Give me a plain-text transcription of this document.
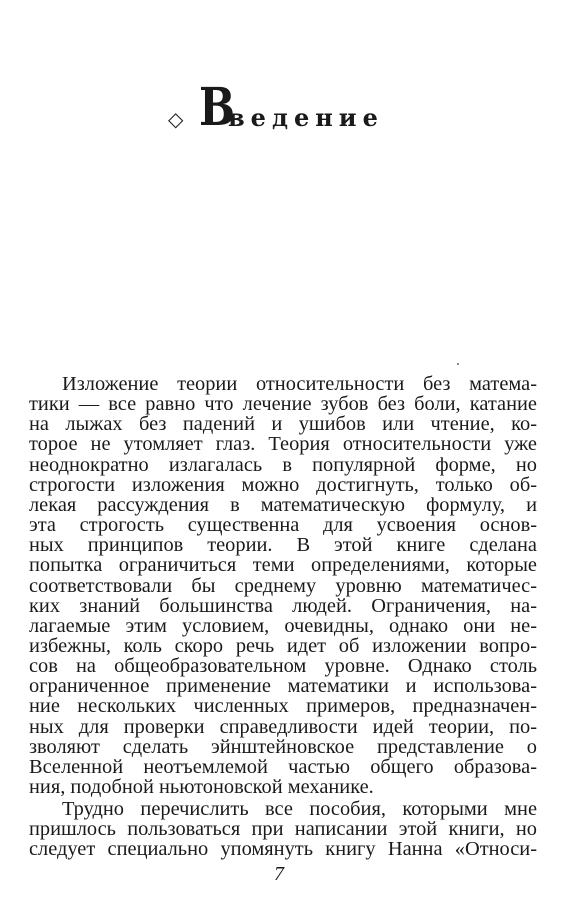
◇ В
ведение
Изложение теории относительности без матема-
тики — все равно что лечение зубов без боли, катание
на лыжах без падений и ушибов или чтение, ко-
торое не утомляет глаз. Теория относительности уже
неоднократно излагалась в популярной форме, но
строгости изложения можно достигнуть, только об-
лекая рассуждения в математическую формулу, и
эта строгость существенна для усвоения основ-
ных принципов теории. В этой книге сделана
попытка ограничиться теми определениями, которые
соответствовали бы среднему уровню математичес-
ких знаний большинства людей. Ограничения, на-
лагаемые этим условием, очевидны, однако они не-
избежны, коль скоро речь идет об изложении вопро-
сов на общеобразовательном уровне. Однако столь
ограниченное применение математики и использова-
ние нескольких численных примеров, предназначен-
ных для проверки справедливости идей теории, по-
зволяют сделать эйнштейновское представление о
Вселенной неотъемлемой частью общего образова-
ния, подобной ньютоновской механике.
Трудно перечислить все пособия, которыми мне
пришлось пользоваться при написании этой книги, но
следует специально упомянуть книгу Нанна «Относи-
7
